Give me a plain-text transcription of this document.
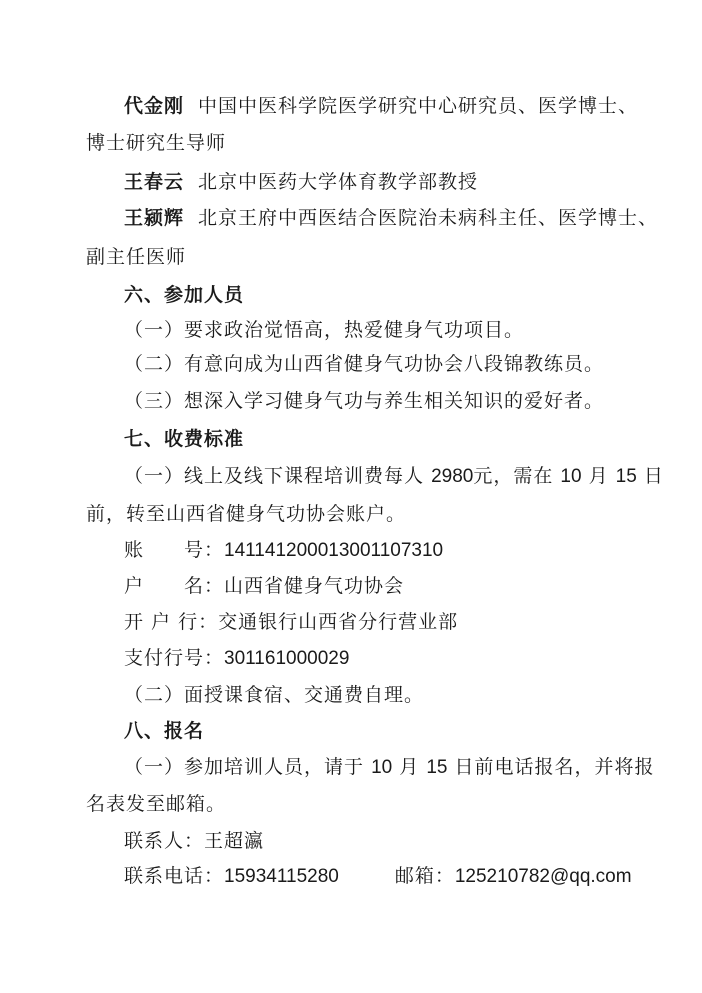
代金刚 中国中医科学院医学研究中心研究员、医学博士、
博士研究生导师
王春云 北京中医药大学体育教学部教授
王颍辉 北京王府中西医结合医院治未病科主任、医学博士、
副主任医师
六、参加人员
（一）要求政治觉悟高，热爱健身气功项目。
（二）有意向成为山西省健身气功协会八段锦教练员。
（三）想深入学习健身气功与养生相关知识的爱好者。
七、收费标准
（一）线上及线下课程培训费每人 2980元，需在 10 月 15 日
前，转至山西省健身气功协会账户。
账　　号：141141200013001107310
户　　名：山西省健身气功协会
开 户 行：交通银行山西省分行营业部
支付行号：301161000029
（二）面授课食宿、交通费自理。
八、报名
（一）参加培训人员，请于 10 月 15 日前电话报名，并将报
名表发至邮箱。
联系人：王超瀛
联系电话：15934115280	邮箱：125210782@qq.com
